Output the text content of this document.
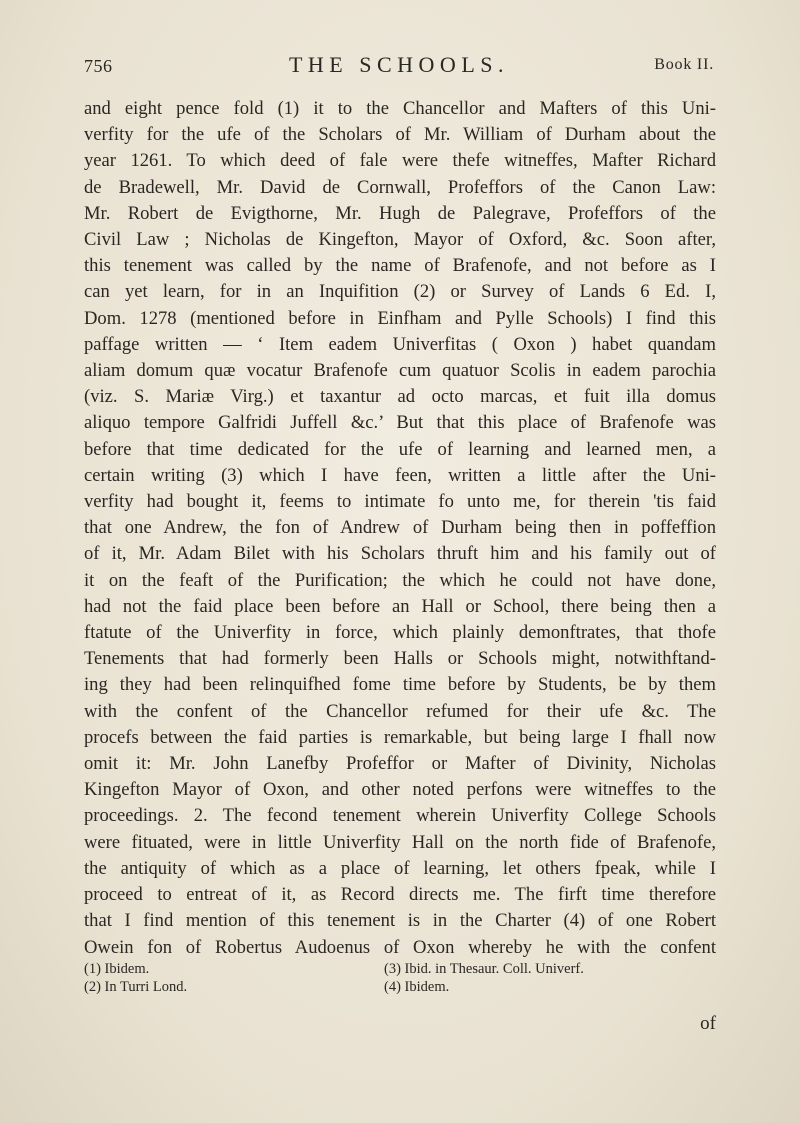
756	THE SCHOOLS.	Book II.
and eight pence fold (1) it to the Chancellor and Mafters of this Uni-
verfity for the ufe of the Scholars of Mr. William of Durham about the
year 1261. To which deed of fale were thefe witneffes, Mafter Richard
de Bradewell, Mr. David de Cornwall, Profeffors of the Canon Law:
Mr. Robert de Evigthorne, Mr. Hugh de Palegrave, Profeffors of the
Civil Law ; Nicholas de Kingefton, Mayor of Oxford, &c. Soon after,
this tenement was called by the name of Brafenofe, and not before as I
can yet learn, for in an Inquifition (2) or Survey of Lands 6 Ed. I,
Dom. 1278 (mentioned before in Einfham and Pylle Schools) I find this
paffage written — ‘ Item eadem Univerfitas ( Oxon ) habet quandam
aliam domum quæ vocatur Brafenofe cum quatuor Scolis in eadem parochia
(viz. S. Mariæ Virg.) et taxantur ad octo marcas, et fuit illa domus
aliquo tempore Galfridi Juffell &c.’ But that this place of Brafenofe was
before that time dedicated for the ufe of learning and learned men, a
certain writing (3) which I have feen, written a little after the Uni-
verfity had bought it, feems to intimate fo unto me, for therein 'tis faid
that one Andrew, the fon of Andrew of Durham being then in poffeffion
of it, Mr. Adam Bilet with his Scholars thruft him and his family out of
it on the feaft of the Purification; the which he could not have done,
had not the faid place been before an Hall or School, there being then a
ftatute of the Univerfity in force, which plainly demonftrates, that thofe
Tenements that had formerly been Halls or Schools might, notwithftand-
ing they had been relinquifhed fome time before by Students, be by them
with the confent of the Chancellor refumed for their ufe &c. The
procefs between the faid parties is remarkable, but being large I fhall now
omit it: Mr. John Lanefby Profeffor or Mafter of Divinity, Nicholas
Kingefton Mayor of Oxon, and other noted perfons were witneffes to the
proceedings. 2. The fecond tenement wherein Univerfity College Schools
were fituated, were in little Univerfity Hall on the north fide of Brafenofe,
the antiquity of which as a place of learning, let others fpeak, while I
proceed to entreat of it, as Record directs me. The firft time therefore
that I find mention of this tenement is in the Charter (4) of one Robert
Owein fon of Robertus Audoenus of Oxon whereby he with the confent
(1) Ibidem.
(2) In Turri Lond.
(3) Ibid. in Thesaur. Coll. Univerf.
(4) Ibidem.
of
